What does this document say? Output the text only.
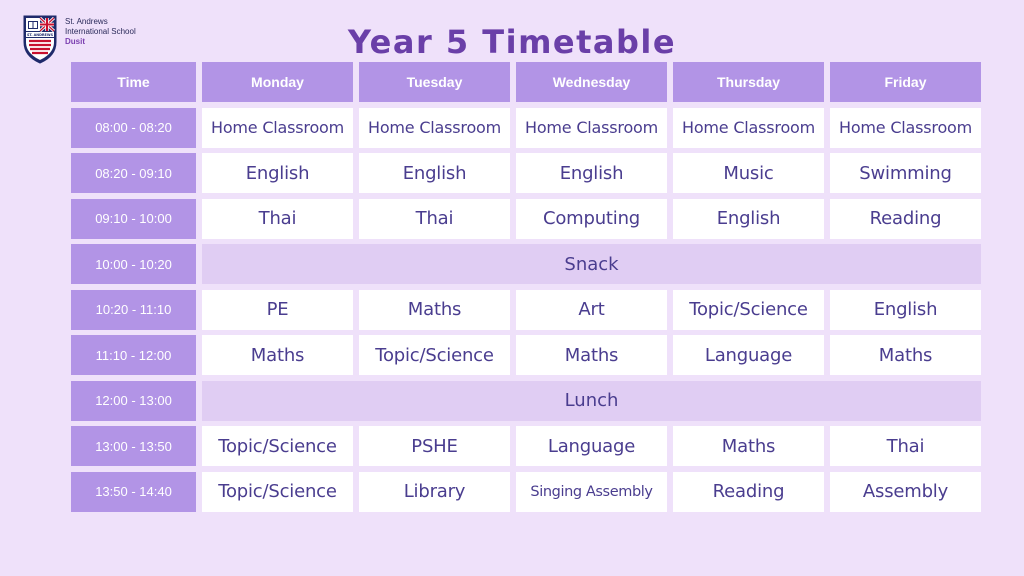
ST. ANDREWS
St. Andrews
International School
Dusit	Year 5 Timetable
Time	Monday	Tuesday	Wednesday	Thursday	Friday
08:00 - 08:20	Home Classroom	Home Classroom	Home Classroom	Home Classroom	Home Classroom
08:20 - 09:10	English	English	English	Music	Swimming
09:10 - 10:00	Thai	Thai	Computing	English	Reading
10:00 - 10:20	Snack
10:20 - 11:10	PE	Maths	Art	Topic/Science	English
11:10 - 12:00	Maths	Topic/Science	Maths	Language	Maths
12:00 - 13:00	Lunch
13:00 - 13:50	Topic/Science	PSHE	Language	Maths	Thai
13:50 - 14:40	Topic/Science	Library	Singing Assembly	Reading	Assembly
